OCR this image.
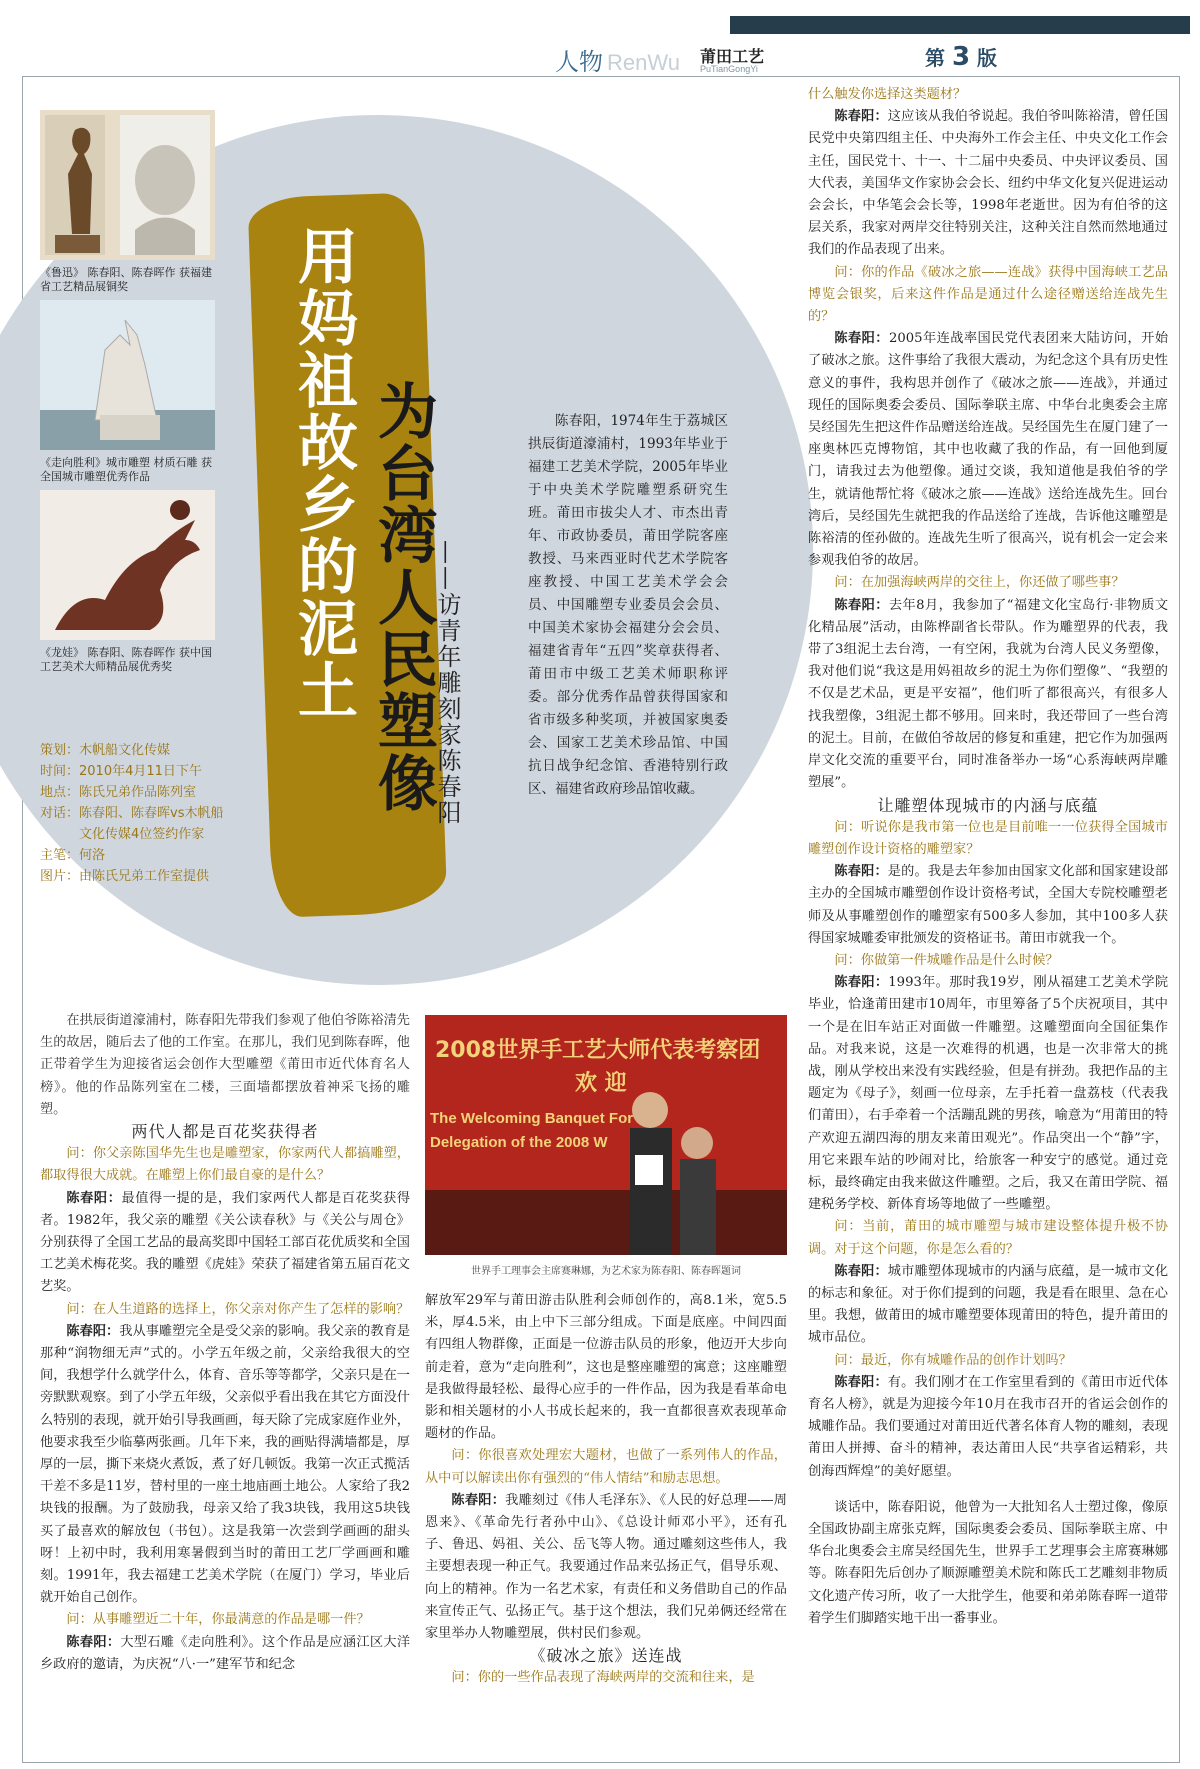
人物 RenWu 莆田工艺
PuTianGongYi	第 3 版
《鲁迅》 陈春阳、陈春晖作 获福建省工艺精品展铜奖
《走向胜利》城市雕塑 材质石雕 获全国城市雕塑优秀作品
《龙娃》 陈春阳、陈春晖作 获中国工艺美术大师精品展优秀奖	用妈祖故乡的泥土 为台湾人民塑像
——访青年雕刻家陈春阳
陈春阳，1974年生于荔城区拱辰街道濠浦村，1993年毕业于福建工艺美术学院，2005年毕业于中央美术学院雕塑系研究生班。莆田市拔尖人才、市杰出青年、市政协委员，莆田学院客座教授、马来西亚时代艺术学院客座教授、中国工艺美术学会会员、中国雕塑专业委员会会员、中国美术家协会福建分会会员、福建省青年“五四”奖章获得者、莆田市中级工艺美术师职称评委。部分优秀作品曾获得国家和省市级多种奖项，并被国家奥委会、国家工艺美术珍品馆、中国抗日战争纪念馆、香港特别行政区、福建省政府珍品馆收藏。
策划：木帆船文化传媒
时间：2010年4月11日下午
地点：陈氏兄弟作品陈列室
对话：陈春阳、陈春晖vs木帆船
文化传媒4位签约作家
主笔：何洛
图片：由陈氏兄弟工作室提供

在拱辰街道濠浦村，陈春阳先带我们参观了他伯爷陈裕清先生的故居，随后去了他的工作室。在那儿，我们见到陈春晖，他正带着学生为迎接省运会创作大型雕塑《莆田市近代体育名人榜》。他的作品陈列室在二楼，三面墙都摆放着神采飞扬的雕塑。

两代人都是百花奖获得者

问：你父亲陈国华先生也是雕塑家，你家两代人都搞雕塑，都取得很大成就。在雕塑上你们最自豪的是什么？

陈春阳：最值得一提的是，我们家两代人都是百花奖获得者。1982年，我父亲的雕塑《关公读春秋》与《关公与周仓》分别获得了全国工艺品的最高奖即中国轻工部百花优质奖和全国工艺美术梅花奖。我的雕塑《虎娃》荣获了福建省第五届百花文艺奖。

问：在人生道路的选择上，你父亲对你产生了怎样的影响？

陈春阳：我从事雕塑完全是受父亲的影响。我父亲的教育是那种“润物细无声”式的。小学五年级之前，父亲给我很大的空间，我想学什么就学什么，体育、音乐等等都学，父亲只是在一旁默默观察。到了小学五年级，父亲似乎看出我在其它方面没什么特别的表现，就开始引导我画画，每天除了完成家庭作业外，他要求我至少临摹两张画。几年下来，我的画贴得满墙都是，厚厚的一层，撕下来烧火煮饭，煮了好几顿饭。我第一次正式揽活干差不多是11岁，替村里的一座土地庙画土地公。人家给了我2块钱的报酬。为了鼓励我，母亲又给了我3块钱，我用这5块钱买了最喜欢的解放包（书包）。这是我第一次尝到学画画的甜头呀！上初中时，我利用寒暑假到当时的莆田工艺厂学画画和雕刻。1991年，我去福建工艺美术学院（在厦门）学习，毕业后就开始自己创作。

问：从事雕塑近二十年，你最满意的作品是哪一件？

陈春阳：大型石雕《走向胜利》。这个作品是应涵江区大洋乡政府的邀请，为庆祝“八·一”建军节和纪念

2008世界手工艺大师代表考察团
欢 迎
The Welcoming Banquet For
Delegation of the 2008 W
世界手工理事会主席赛琳娜，为艺术家为陈春阳、陈春晖题词

解放军29军与莆田游击队胜利会师创作的，高8.1米，宽5.5米，厚4.5米，由上中下三部分组成。下面是底座。中间四面有四组人物群像，正面是一位游击队员的形象，他迈开大步向前走着，意为“走向胜利”，这也是整座雕塑的寓意；这座雕塑是我做得最轻松、最得心应手的一件作品，因为我是看革命电影和相关题材的小人书成长起来的，我一直都很喜欢表现革命题材的作品。

问：你很喜欢处理宏大题材，也做了一系列伟人的作品，从中可以解读出你有强烈的“伟人情结”和励志思想。

陈春阳：我雕刻过《伟人毛泽东》、《人民的好总理——周恩来》、《革命先行者孙中山》、《总设计师邓小平》，还有孔子、鲁迅、妈祖、关公、岳飞等人物。通过雕刻这些伟人，我主要想表现一种正气。我要通过作品来弘扬正气，倡导乐观、向上的精神。作为一名艺术家，有责任和义务借助自己的作品来宣传正气、弘扬正气。基于这个想法，我们兄弟俩还经常在家里举办人物雕塑展，供村民们参观。

《破冰之旅》送连战

问：你的一些作品表现了海峡两岸的交流和往来，是

什么触发你选择这类题材？

陈春阳：这应该从我伯爷说起。我伯爷叫陈裕清，曾任国民党中央第四组主任、中央海外工作会主任、中央文化工作会主任，国民党十、十一、十二届中央委员、中央评议委员、国大代表，美国华文作家协会会长、纽约中华文化复兴促进运动会会长，中华笔会会长等，1998年老逝世。因为有伯爷的这层关系，我家对两岸交往特别关注，这种关注自然而然地通过我们的作品表现了出来。

问：你的作品《破冰之旅——连战》获得中国海峡工艺品博览会银奖，后来这件作品是通过什么途径赠送给连战先生的？

陈春阳：2005年连战率国民党代表团来大陆访问，开始了破冰之旅。这件事给了我很大震动，为纪念这个具有历史性意义的事件，我构思并创作了《破冰之旅——连战》，并通过现任的国际奥委会委员、国际拳联主席、中华台北奥委会主席吴经国先生把这件作品赠送给连战。吴经国先生在厦门建了一座奥林匹克博物馆，其中也收藏了我的作品，有一回他到厦门，请我过去为他塑像。通过交谈，我知道他是我伯爷的学生，就请他帮忙将《破冰之旅——连战》送给连战先生。回台湾后，吴经国先生就把我的作品送给了连战，告诉他这雕塑是陈裕清的侄孙做的。连战先生听了很高兴，说有机会一定会来参观我伯爷的故居。

问：在加强海峡两岸的交往上，你还做了哪些事？

陈春阳：去年8月，我参加了“福建文化宝岛行·非物质文化精品展”活动，由陈桦副省长带队。作为雕塑界的代表，我带了3组泥土去台湾，一有空闲，我就为台湾人民义务塑像，我对他们说“我这是用妈祖故乡的泥土为你们塑像”、“我塑的不仅是艺术品，更是平安福”，他们听了都很高兴，有很多人找我塑像，3组泥土都不够用。回来时，我还带回了一些台湾的泥土。目前，在做伯爷故居的修复和重建，把它作为加强两岸文化交流的重要平台，同时准备举办一场“心系海峡两岸雕塑展”。

让雕塑体现城市的内涵与底蕴

问：听说你是我市第一位也是目前唯一一位获得全国城市雕塑创作设计资格的雕塑家？

陈春阳：是的。我是去年参加由国家文化部和国家建设部主办的全国城市雕塑创作设计资格考试，全国大专院校雕塑老师及从事雕塑创作的雕塑家有500多人参加，其中100多人获得国家城雕委审批颁发的资格证书。莆田市就我一个。

问：你做第一件城雕作品是什么时候？

陈春阳：1993年。那时我19岁，刚从福建工艺美术学院毕业，恰逢莆田建市10周年，市里筹备了5个庆祝项目，其中一个是在旧车站正对面做一件雕塑。这雕塑面向全国征集作品。对我来说，这是一次难得的机遇，也是一次非常大的挑战，刚从学校出来没有实践经验，但是有拼劲。我把作品的主题定为《母子》，刻画一位母亲，左手托着一盘荔枝（代表我们莆田），右手牵着一个活蹦乱跳的男孩，喻意为“用莆田的特产欢迎五湖四海的朋友来莆田观光”。作品突出一个“静”字，用它来跟车站的吵闹对比，给旅客一种安宁的感觉。通过竞标，最终确定由我来做这件雕塑。之后，我又在莆田学院、福建税务学校、新体育场等地做了一些雕塑。

问：当前，莆田的城市雕塑与城市建设整体提升极不协调。对于这个问题，你是怎么看的？

陈春阳：城市雕塑体现城市的内涵与底蕴，是一城市文化的标志和象征。对于你们提到的问题，我是看在眼里、急在心里。我想，做莆田的城市雕塑要体现莆田的特色，提升莆田的城市品位。

问：最近，你有城雕作品的创作计划吗？

陈春阳：有。我们刚才在工作室里看到的《莆田市近代体育名人榜》，就是为迎接今年10月在我市召开的省运会创作的城雕作品。我们要通过对莆田近代著名体育人物的雕刻，表现莆田人拼搏、奋斗的精神，表达莆田人民“共享省运精彩，共创海西辉煌”的美好愿望。

谈话中，陈春阳说，他曾为一大批知名人士塑过像，像原全国政协副主席张克辉，国际奥委会委员、国际拳联主席、中华台北奥委会主席吴经国先生，世界手工艺理事会主席赛琳娜等。陈春阳先后创办了顺源雕塑美术院和陈氏工艺雕刻非物质文化遗产传习所，收了一大批学生，他要和弟弟陈春晖一道带着学生们脚踏实地干出一番事业。
